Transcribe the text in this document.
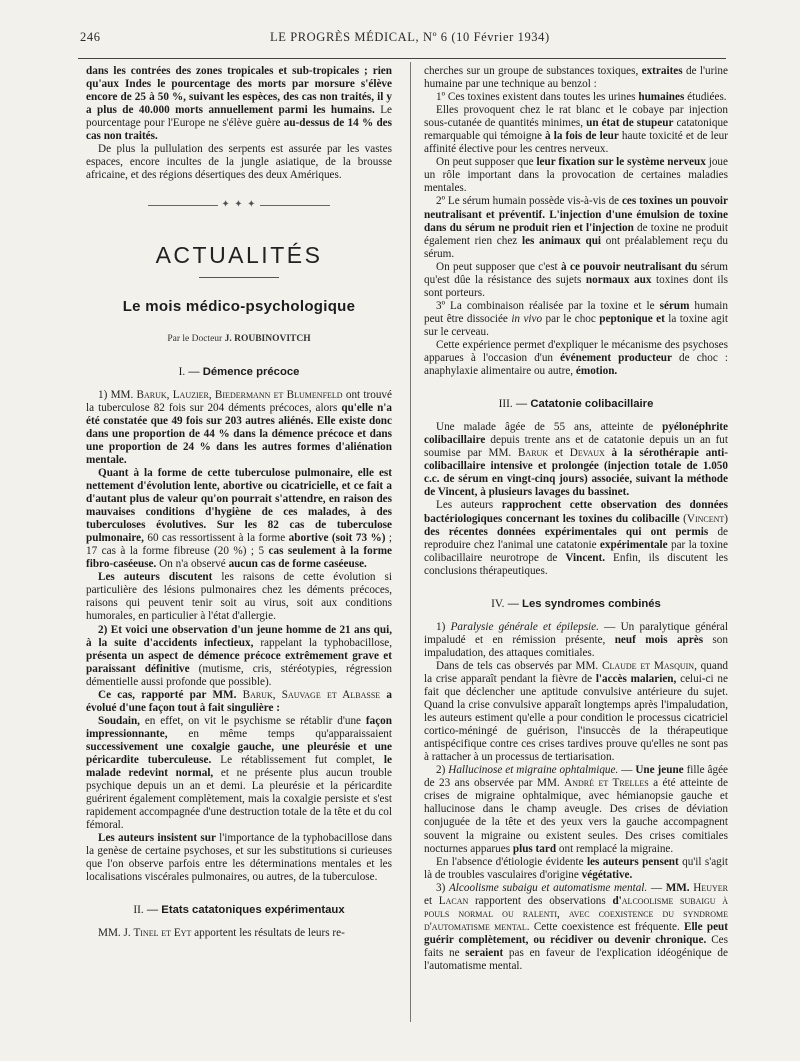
246	LE PROGRÈS MÉDICAL, Nº 6 (10 Février 1934)

dans les contrées des zones tropicales et sub-tropicales ; rien qu'aux Indes le pourcentage des morts par morsure s'élève encore de 25 à 50 %, suivant les espèces, des cas non traités, il y a plus de 40.000 morts annuellement parmi les humains. Le pourcentage pour l'Europe ne s'élève guère au-dessus de 14 % des cas non traités.

De plus la pullulation des serpents est assurée par les vastes espaces, encore incultes de la jungle asiatique, de la brousse africaine, et des régions désertiques des deux Amériques.

✦ ✦ ✦
ACTUALITÉS
Le mois médico-psychologique
Par le Docteur J. ROUBINOVITCH
I. — Démence précoce

1) MM. Baruk, Lauzier, Biedermann et Blumenfeld ont trouvé la tuberculose 82 fois sur 204 déments précoces, alors qu'elle n'a été constatée que 49 fois sur 203 autres aliénés. Elle existe donc dans une proportion de 44 % dans la démence précoce et dans une proportion de 24 % dans les autres formes d'aliénation mentale.

Quant à la forme de cette tuberculose pulmonaire, elle est nettement d'évolution lente, abortive ou cicatricielle, et ce fait a d'autant plus de valeur qu'on pourrait s'attendre, en raison des mauvaises conditions d'hygiène de ces malades, à des tuberculoses évolutives. Sur les 82 cas de tuberculose pulmonaire, 60 cas ressortissent à la forme abortive (soit 73 %) ; 17 cas à la forme fibreuse (20 %) ; 5 cas seulement à la forme fibro-caséeuse. On n'a observé aucun cas de forme caséeuse.

Les auteurs discutent les raisons de cette évolution si particulière des lésions pulmonaires chez les déments précoces, raisons qui peuvent tenir soit au virus, soit aux conditions humorales, en particulier à l'état d'allergie.

2) Et voici une observation d'un jeune homme de 21 ans qui, à la suite d'accidents infectieux, rappelant la typhobacillose, présenta un aspect de démence précoce extrêmement grave et paraissant définitive (mutisme, cris, stéréotypies, régression démentielle aussi profonde que possible).

Ce cas, rapporté par MM. Baruk, Sauvage et Albasse a évolué d'une façon tout à fait singulière :

Soudain, en effet, on vit le psychisme se rétablir d'une façon impressionnante, en même temps qu'apparaissaient successivement une coxalgie gauche, une pleurésie et une péricardite tuberculeuse. Le rétablissement fut complet, le malade redevint normal, et ne présente plus aucun trouble psychique depuis un an et demi. La pleurésie et la péricardite guérirent également complètement, mais la coxalgie persiste et s'est rapidement accompagnée d'une destruction totale de la tête et du col fémoral.

Les auteurs insistent sur l'importance de la typhobacillose dans la genèse de certaine psychoses, et sur les substitutions si curieuses que l'on observe parfois entre les déterminations mentales et les localisations viscérales pulmonaires, ou autres, de la tuberculose.

II. — Etats catatoniques expérimentaux

MM. J. Tinel et Eyt apportent les résultats de leurs re-

cherches sur un groupe de substances toxiques, extraites de l'urine humaine par une technique au benzol :

1º Ces toxines existent dans toutes les urines humaines étudiées.

Elles provoquent chez le rat blanc et le cobaye par injection sous-cutanée de quantités minimes, un état de stupeur catatonique remarquable qui témoigne à la fois de leur haute toxicité et de leur affinité élective pour les centres nerveux.

On peut supposer que leur fixation sur le système nerveux joue un rôle important dans la provocation de certaines maladies mentales.

2º Le sérum humain possède vis-à-vis de ces toxines un pouvoir neutralisant et préventif. L'injection d'une émulsion de toxine dans du sérum ne produit rien et l'injection de toxine ne produit également rien chez les animaux qui ont préalablement reçu du sérum.

On peut supposer que c'est à ce pouvoir neutralisant du sérum qu'est dûe la résistance des sujets normaux aux toxines dont ils sont porteurs.

3º La combinaison réalisée par la toxine et le sérum humain peut être dissociée in vivo par le choc peptonique et la toxine agit sur le cerveau.

Cette expérience permet d'expliquer le mécanisme des psychoses apparues à l'occasion d'un événement producteur de choc : anaphylaxie alimentaire ou autre, émotion.

III. — Catatonie colibacillaire

Une malade âgée de 55 ans, atteinte de pyélonéphrite colibacillaire depuis trente ans et de catatonie depuis un an fut soumise par MM. Baruk et Devaux à la sérothérapie anti-colibacillaire intensive et prolongée (injection totale de 1.050 c.c. de sérum en vingt-cinq jours) associée, suivant la méthode de Vincent, à plusieurs lavages du bassinet.

Les auteurs rapprochent cette observation des données bactériologiques concernant les toxines du colibacille (Vincent) des récentes données expérimentales qui ont permis de reproduire chez l'animal une catatonie expérimentale par la toxine colibacillaire neurotrope de Vincent. Enfin, ils discutent les conclusions thérapeutiques.

IV. — Les syndromes combinés

1) Paralysie générale et épilepsie. — Un paralytique général impaludé et en rémission présente, neuf mois après son impaludation, des attaques comitiales.

Dans de tels cas observés par MM. Claude et Masquin, quand la crise apparaît pendant la fièvre de l'accès malarien, celui-ci ne fait que déclencher une aptitude convulsive antérieure du sujet. Quand la crise convulsive apparaît longtemps après l'impaludation, les auteurs estiment qu'elle a pour condition le processus cicatriciel cortico-méningé de guérison, l'insuccès de la thérapeutique antispécifique contre ces crises tardives prouve qu'elles ne sont pas à rattacher à un processus de tertiarisation.

2) Hallucinose et migraine ophtalmique. — Une jeune fille âgée de 23 ans observée par MM. André et Trelles a été atteinte de crises de migraine ophtalmique, avec hémianopsie gauche et hallucinose dans le champ aveugle. Des crises de déviation conjuguée de la tête et des yeux vers la gauche accompagnent souvent la migraine ou existent seules. Des crises comitiales nocturnes apparues plus tard ont remplacé la migraine.

En l'absence d'étiologie évidente les auteurs pensent qu'il s'agit là de troubles vasculaires d'origine végétative.

3) Alcoolisme subaigu et automatisme mental. — MM. Heuyer et Lacan rapportent des observations d'alcoolisme subaigu à pouls normal ou ralenti, avec coexistence du syndrome d'automatisme mental. Cette coexistence est fréquente. Elle peut guérir complètement, ou récidiver ou devenir chronique. Ces faits ne seraient pas en faveur de l'explication idéogénique de l'automatisme mental.
